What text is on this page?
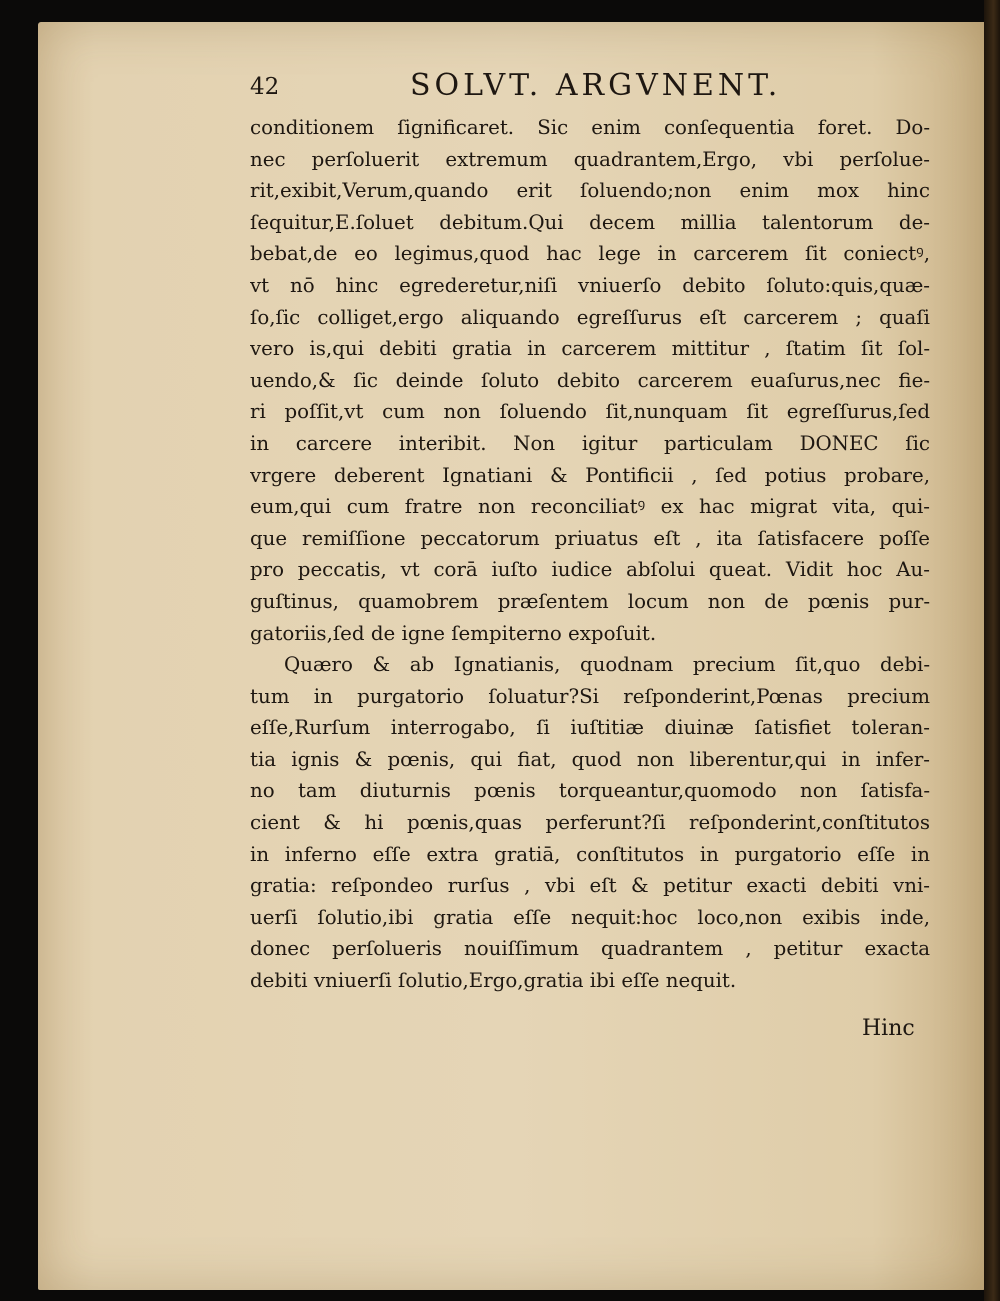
42	SOLVT. ARGVNENT.
conditionem ſignificaret. Sic enim conſequentia foret. Do-
nec perſoluerit extremum quadrantem,Ergo, vbi perſolue-
rit,exibit,Verum,quando erit ſoluendo;non enim mox hinc
ſequitur,E.ſoluet debitum.Qui decem millia talentorum de-
bebat,de eo legimus,quod hac lege in carcerem ſit coniectꝰ,
vt nō hinc egrederetur,niſi vniuerſo debito ſoluto:quis,quæ-
ſo,ſic colliget,ergo aliquando egreſſurus eſt carcerem ; quaſi
vero is,qui debiti gratia in carcerem mittitur , ſtatim ſit ſol-
uendo,& ſic deinde ſoluto debito carcerem euaſurus,nec fie-
ri poſſit,vt cum non ſoluendo ſit,nunquam ſit egreſſurus,ſed
in carcere interibit. Non igitur particulam DONEC ſic
vrgere deberent Ignatiani & Pontificii , ſed potius probare,
eum,qui cum fratre non reconciliatꝰ ex hac migrat vita, qui-
que remiſſione peccatorum priuatus eſt , ita ſatisfacere poſſe
pro peccatis, vt corā iuſto iudice abſolui queat. Vidit hoc Au-
guſtinus, quamobrem præſentem locum non de pœnis pur-
gatoriis,ſed de igne ſempiterno expoſuit.
Quæro & ab Ignatianis, quodnam precium ſit,quo debi-
tum in purgatorio ſoluatur?Si reſponderint,Pœnas precium
eſſe,Rurſum interrogabo, ſi iuſtitiæ diuinæ ſatisfiet toleran-
tia ignis & pœnis, qui fiat, quod non liberentur,qui in infer-
no tam diuturnis pœnis torqueantur,quomodo non ſatisfa-
cient & hi pœnis,quas perferunt?ſi reſponderint,conſtitutos
in inferno eſſe extra gratiā, conſtitutos in purgatorio eſſe in
gratia: reſpondeo rurſus , vbi eſt & petitur exacti debiti vni-
uerſi ſolutio,ibi gratia eſſe nequit:hoc loco,non exibis inde,
donec perſolueris nouiſſimum quadrantem , petitur exacta
debiti vniuerſi ſolutio,Ergo,gratia ibi eſſe nequit.
Hinc
